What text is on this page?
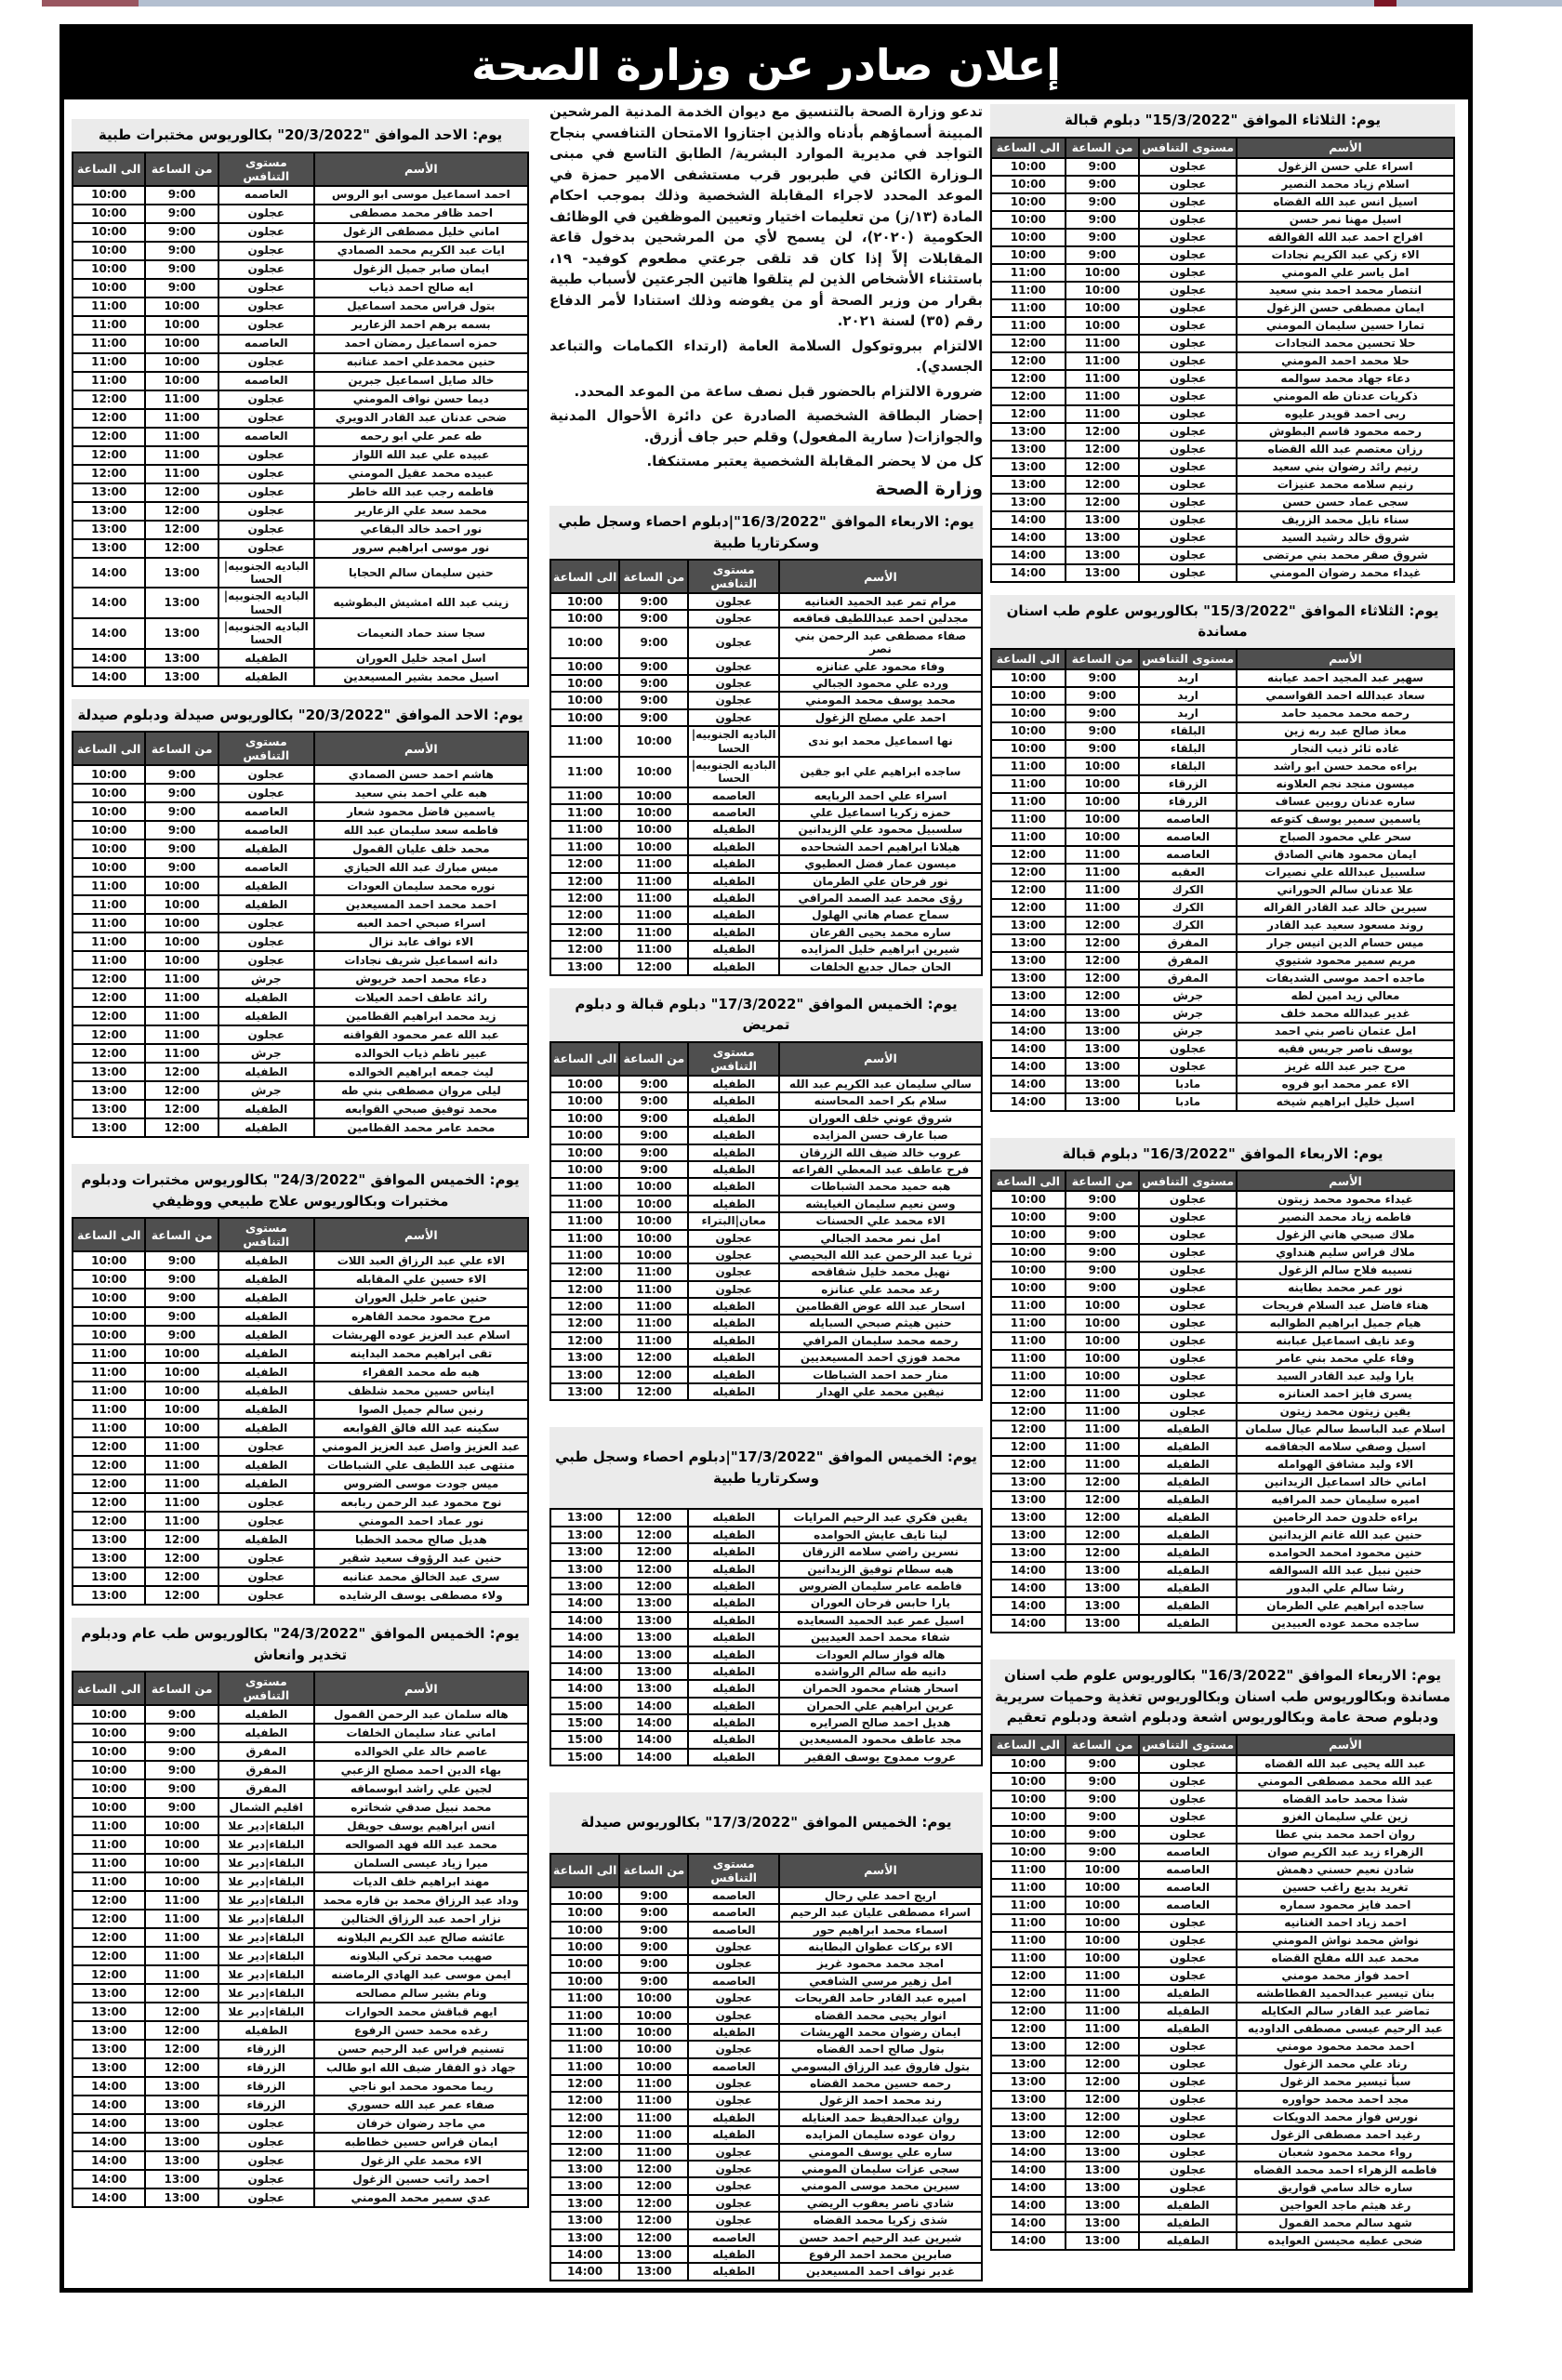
إعلان صادر عن وزارة الصحة
يوم: الاحد الموافق "20/3/2022" بكالوريوس مختبرات طبية
الأسم	مستوى التنافس	من الساعة	الى الساعة
احمد اسماعيل موسى ابو الروس	العاصمه	9:00	10:00
احمد ظافر محمد مصطفى	عجلون	9:00	10:00
اماني خليل مصطفى الزغول	عجلون	9:00	10:00
ايات عبد الكريم محمد الصمادي	عجلون	9:00	10:00
ايمان صابر جميل الزغول	عجلون	9:00	10:00
ايه صالح احمد ذياب	عجلون	9:00	10:00
بتول فراس محمد اسماعيل	عجلون	10:00	11:00
بسمه برهم احمد الزعارير	عجلون	10:00	11:00
حمزه اسماعيل رمضان احمد	العاصمه	10:00	11:00
حنين محمدعلي احمد عنانبه	عجلون	10:00	11:00
خالد صايل اسماعيل جبرين	العاصمه	10:00	11:00
ديما حسن نواف المومني	عجلون	11:00	12:00
ضحى عدنان عبد القادر الدويري	عجلون	11:00	12:00
طه عمر علي ابو رحمه	العاصمه	11:00	12:00
عبيده علي عبد الله اللواز	عجلون	11:00	12:00
عبيده محمد عقيل المومني	عجلون	11:00	12:00
فاطمه رجب عبد الله خاطر	عجلون	12:00	13:00
محمد سعد علي الزعارير	عجلون	12:00	13:00
نور احمد خالد البقاعي	عجلون	12:00	13:00
نور موسى ابراهيم سرور	عجلون	12:00	13:00
حنين سليمان سالم الحجايا	الباديه الجنوبيه|الحسا	13:00	14:00
زينب عبد الله امشيش البطوشيه	الباديه الجنوبيه|الحسا	13:00	14:00
سجا سند حماد النعيمات	الباديه الجنوبيه|الحسا	13:00	14:00
اسل امجد خليل العوران	الطفيله	13:00	14:00
اسيل محمد بشير المسيعدين	الطفيله	13:00	14:00
يوم: الاحد الموافق "20/3/2022" بكالوريوس صيدلة ودبلوم صيدلة
الأسم	مستوى التنافس	من الساعة	الى الساعة
هاشم احمد حسن الصمادي	عجلون	9:00	10:00
هبه علي احمد بني سعيد	عجلون	9:00	10:00
ياسمين فاضل محمود شعار	العاصمه	9:00	10:00
فاطمه سعد سليمان عبد الله	العاصمه	9:00	10:00
محمد خلف عليان القمول	الطفيله	9:00	10:00
ميس مبارك عبد الله الحيازي	العاصمه	9:00	10:00
نوره محمد سليمان العودات	الطفيله	10:00	11:00
احمد محمد احمد المسيعدين	الطفيله	10:00	11:00
اسراء صبحي احمد العبه	عجلون	10:00	11:00
الاء نواف عابد نزال	عجلون	10:00	11:00
دانه اسماعيل شريف نجادات	عجلون	10:00	11:00
دعاء محمد احمد خريوش	جرش	11:00	12:00
رائد عاطف احمد العيلات	الطفيله	11:00	12:00
زيد محمد ابراهيم القطامين	الطفيله	11:00	12:00
عبد الله عمر محمود القواقنه	عجلون	11:00	12:00
عبير ناظم ذياب الخوالده	جرش	11:00	12:00
ليث جمعه ابراهيم الخوالده	الطفيله	12:00	13:00
ليلى مروان مصطفى بني طه	جرش	12:00	13:00
محمد توفيق صبحي القوابعه	الطفيله	12:00	13:00
محمد عامر محمد القطامين	الطفيله	12:00	13:00
يوم: الخميس الموافق "24/3/2022" بكالوريوس مختبرات ودبلوم مختبرات وبكالوريوس علاج طبيعي ووظيفي
الأسم	مستوى التنافس	من الساعة	الى الساعة
الاء علي عبد الرزاق العبد اللات	الطفيله	9:00	10:00
الاء حسين علي المقابله	الطفيله	9:00	10:00
حنين عامر خليل العوران	الطفيله	9:00	10:00
مرح محمود محمد القاهره	الطفيله	9:00	10:00
اسلام عبد العزيز عوده الهريشات	الطفيله	9:00	10:00
تقى ابراهيم محمد البداينه	الطفيله	10:00	11:00
هبه طه محمد الفقراء	الطفيله	10:00	11:00
ايناس حسين محمد شلظف	الطفيله	10:00	11:00
رنين سالم جميل الصوا	الطفيله	10:00	11:00
سكينه عبد الله فالق القوابعه	الطفيله	10:00	11:00
عبد العزيز واصل عبد العزيز المومني	عجلون	11:00	12:00
منتهى عبد اللطيف علي الشباطات	الطفيله	11:00	12:00
ميس جودت موسى الضروس	الطفيله	11:00	12:00
نوح محمود عبد الرحمن ربابعه	عجلون	11:00	12:00
نور عماد احمد المومني	عجلون	11:00	12:00
هديل صالح محمد الخطبا	الطفيله	12:00	13:00
حنين عبد الرؤوف سعيد شقير	عجلون	12:00	13:00
سرى عبد الخالق محمد عنانبه	عجلون	12:00	13:00
ولاء مصطفى يوسف الرشايده	عجلون	12:00	13:00
يوم: الخميس الموافق "24/3/2022" بكالوريوس طب عام ودبلوم تخدير وانعاش
الأسم	مستوى التنافس	من الساعة	الى الساعة
هاله سلمان عبد الرحمن القمول	الطفيله	9:00	10:00
اماني عناد سليمان الخلفات	الطفيله	9:00	10:00
عاصم خالد علي الخوالده	المفرق	9:00	10:00
بهاء الدين احمد مصلح الزعبي	المفرق	9:00	10:00
لجين علي راشد ابوسماقه	المفرق	9:00	10:00
محمد نبيل صدقي شخاتره	اقليم الشمال	9:00	10:00
انس ابراهيم يوسف جويقل	البلقاء|دير علا	10:00	11:00
محمد عبد الله فهد الصوالحه	البلقاء|دير علا	10:00	11:00
ميرا زياد عيسى السلمان	البلقاء|دير علا	10:00	11:00
مهند ابراهيم خلف الديات	البلقاء|دير علا	10:00	11:00
وداد عبد الرزاق محمد بن قاره محمد	البلقاء|دير علا	11:00	12:00
نزار احمد عبد الرزاق الختالين	البلقاء|دير علا	11:00	12:00
عائشه صالح عبد الكريم البلاونه	البلقاء|دير علا	11:00	12:00
صهيب محمد تركي البلاونه	البلقاء|دير علا	11:00	12:00
ايمن موسى عبد الهادي الرماضنه	البلقاء|دير علا	11:00	12:00
ونام بشير سالم مصالحه	البلقاء|دير علا	12:00	13:00
ايهم قباقش محمد الحوارات	البلقاء|دير علا	12:00	13:00
رغده محمد حسن الرفوع	الطفيله	12:00	13:00
تسنيم فراس عبد الرحيم حسن	الزرقاء	12:00	13:00
جهاد ذو الفقار ضيف الله ابو طالب	الزرقاء	12:00	13:00
ريما محمود محمد ابو ناجي	الزرقاء	13:00	14:00
صفاء عمر عبد الله حسوري	الزرقاء	13:00	14:00
مي ماجد رضوان خرفان	عجلون	13:00	14:00
ايمان فراس حسين خطاطبه	عجلون	13:00	14:00
الاء محمد علي الزغول	عجلون	13:00	14:00
احمد راتب حسين الزغول	عجلون	13:00	14:00
عدي سمير محمد المومني	عجلون	13:00	14:00

تدعو وزارة الصحة بالتنسيق مع ديوان الخدمة المدنية المرشحين المبينة أسماؤهم بأدناه والذين اجتازوا الامتحان التنافسي بنجاح التواجد في مديرية الموارد البشرية/ الطابق التاسع في مبنى الـوزارة الكائن في طبربور قرب مستشفى الامير حمزة في الموعد المحدد لاجراء المقابلة الشخصية وذلك بموجب احكام المادة (١٣/ز) من تعليمات اختيار وتعيين الموظفين في الوظائف الحكومية (٢٠٢٠)، لن يسمح لأي من المرشحين بدخول قاعة المقابلات إلاّ إذا كان قد تلقى جرعتي مطعوم كوفيد- ١٩، باستثناء الأشخاص الذين لم يتلقوا هاتين الجرعتين لأسباب طبية بقرار من وزير الصحة أو من يفوضه وذلك استنادا لأمر الدفاع رقم (٣٥) لسنة ٢٠٢١.

الالتزام ببروتوكول السلامة العامة (ارتداء الكمامات والتباعد الجسدي).

ضرورة الالتزام بالحضور قبل نصف ساعة من الموعد المحدد.

إحضار البطاقة الشخصية الصادرة عن دائرة الأحوال المدنية والجوازات( سارية المفعول) وقلم حبر جاف أزرق.

كل من لا يحضر المقابلة الشخصية يعتبر مستنكفا.

وزارة الصحة

يوم: الاربعاء الموافق "16/3/2022"|دبلوم احصاء وسجل طبي وسكرتاريا طبية
الأسم	مستوى التنافس	من الساعة	الى الساعة
مرام تمر عبد الحميد الغنانيه	عجلون	9:00	10:00
مجدلين احمد عبداللطيف قعاقعه	عجلون	9:00	10:00
صفاء مصطفى عبد الرحمن بني نصر	عجلون	9:00	10:00
وفاء محمود علي عنانزه	عجلون	9:00	10:00
ورده علي محمود الجبالي	عجلون	9:00	10:00
محمد يوسف محمد المومني	عجلون	9:00	10:00
احمد علي مصلح الزغول	عجلون	9:00	10:00
نها اسماعيل محمد ابو ندى	الباديه الجنوبيه|الحسا	10:00	11:00
ساجده ابراهيم علي ابو جقين	الباديه الجنوبيه|الحسا	10:00	11:00
اسراء علي احمد الربايعه	العاصمه	10:00	11:00
حمزه زكريا اسماعيل علي	العاصمه	10:00	11:00
سلسبيل محمود علي الزيدانين	الطفيله	10:00	11:00
هيلانا ابراهيم احمد الشحاحده	الطفيله	10:00	11:00
ميسون عمار فضل العطيوي	الطفيله	11:00	12:00
نور فرحان علي الطرمان	الطفيله	11:00	12:00
رؤى محمد عبد الصمد المرافي	الطفيله	11:00	12:00
سماح عصام هاني الهلول	الطفيله	11:00	12:00
ساره محمد يحيى القرعان	الطفيله	11:00	12:00
شيرين ابراهيم خليل المزايده	الطفيله	11:00	12:00
الحان جمال جديع الخلفات	الطفيله	12:00	13:00
يوم: الخميس الموافق "17/3/2022" دبلوم قبالة و دبلوم تمريض
الأسم	مستوى التنافس	من الساعة	الى الساعة
سالي سليمان عبد الكريم عبد الله	الطفيله	9:00	10:00
سلام بكر احمد المحاسنه	الطفيله	9:00	10:00
شروق عوني خلف العوران	الطفيله	9:00	10:00
صبا عارف حسن المزايده	الطفيله	9:00	10:00
عروب خالد ضيف الله الزرقان	الطفيله	9:00	10:00
فرح عاطف عبد المعطي القراعه	الطفيله	9:00	10:00
هبه حميد محمد الشباطات	الطفيله	10:00	11:00
وسن نعيم سليمان الغيايشه	الطفيله	10:00	11:00
الاء محمد علي الحسنات	معان|البتراء	10:00	11:00
امل نمر محمد الجبالي	عجلون	10:00	11:00
ثريا عبد الرحمن عبد الله البحيصي	عجلون	10:00	11:00
نهيل محمد خليل شقاقحه	عجلون	11:00	12:00
رعد محمد علي عنانزه	عجلون	11:00	12:00
اسحار عبد الله عوض القطامين	الطفيله	11:00	12:00
حنين هيثم صبحي السبايله	الطفيله	11:00	12:00
رحمه محمد سليمان المرافي	الطفيله	11:00	12:00
محمد فوزي احمد المسيعديين	الطفيله	12:00	13:00
منار حمد احمد الشباطات	الطفيله	12:00	13:00
نيفين محمد علي الهدار	الطفيله	12:00	13:00
يوم: الخميس الموافق "17/3/2022"|دبلوم احصاء وسجل طبي وسكرتاريا طبية
يقين فكري عبد الرحيم المرايات	الطفيله	12:00	13:00
لينا نايف عايش الحوامده	الطفيله	12:00	13:00
نسرين راضي سلامه الزرقان	الطفيله	12:00	13:00
هبه سطام توفيق الزيدانين	الطفيله	12:00	13:00
فاطمه عامر سليمان الضروس	الطفيله	12:00	13:00
يارا حابس فرحان العوران	الطفيله	13:00	14:00
اسيل عمر عبد الحميد السعايده	الطفيله	13:00	14:00
شفاء محمد احمد العيديين	الطفيله	13:00	14:00
هاله فواز سالم العودات	الطفيله	13:00	14:00
دانيه طه سالم الرواشده	الطفيله	13:00	14:00
اسحار هشام محمود الحمران	الطفيله	13:00	14:00
عرين ابراهيم علي الحمران	الطفيله	14:00	15:00
هديل احمد صالح الصرايره	الطفيله	14:00	15:00
مجد عاطف محمود المسيعدين	الطفيله	14:00	15:00
عروب ممدوح يوسف الفقير	الطفيله	14:00	15:00
يوم: الخميس الموافق "17/3/2022" بكالوريوس صيدلة
الأسم	مستوى التنافس	من الساعة	الى الساعة
اريج احمد علي رحال	العاصمه	9:00	10:00
اسراء مصطفى عليان عبد الرحيم	العاصمه	9:00	10:00
اسماء محمد ابراهيم حور	العاصمه	9:00	10:00
الاء بركات عطوان البطاينه	عجلون	9:00	10:00
امجد محمد محمود غريز	عجلون	9:00	10:00
امل زهير مرسي الشافعي	العاصمه	9:00	10:00
اميره عبد القادر حامد الفريحات	عجلون	10:00	11:00
انوار يحيى محمد القضاه	عجلون	10:00	11:00
ايمان رضوان محمد الهريشات	الطفيله	10:00	11:00
بتول صالح احمد القضاه	عجلون	10:00	11:00
بتول فاروق عبد الرزاق البسومي	العاصمه	10:00	11:00
رحمه حسين محمد القضاه	عجلون	11:00	12:00
رند محمد احمد الزغول	عجلون	11:00	12:00
روان عبدالحفيظ حمد العنايله	الطفيله	11:00	12:00
روان عوده سليمان المزايده	الطفيله	11:00	12:00
ساره علي يوسف المومني	عجلون	11:00	12:00
سجى عزات سليمان المومني	عجلون	12:00	13:00
سيرين محمد موسى المومني	عجلون	12:00	13:00
شادي ناصر يعقوب الريضي	عجلون	12:00	13:00
شذى زكريا محمد القضاه	عجلون	12:00	13:00
شيرين عبد الرحيم احمد حسن	العاصمه	12:00	13:00
صابرين محمد احمد الرفوع	الطفيله	13:00	14:00
غدير نواف احمد المسيعدين	الطفيله	13:00	14:00
يوم: الثلاثاء الموافق "15/3/2022" دبلوم قبالة
الأسم	مستوى التنافس	من الساعة	الى الساعة
اسراء علي حسن الزغول	عجلون	9:00	10:00
اسلام زياد محمد النصير	عجلون	9:00	10:00
اسيل انس عبد الله القضاه	عجلون	9:00	10:00
اسيل مهنا نمر حسن	عجلون	9:00	10:00
افراح احمد عبد الله القوالقه	عجلون	9:00	10:00
الاء زكي عبد الكريم نجادات	عجلون	9:00	10:00
امل ياسر علي المومني	عجلون	10:00	11:00
انتصار محمد احمد بني سعيد	عجلون	10:00	11:00
ايمان مصطفى حسن الزغول	عجلون	10:00	11:00
تمارا حسين سليمان المومني	عجلون	10:00	11:00
حلا تحسين محمد النجادات	عجلون	11:00	12:00
حلا محمد احمد المومني	عجلون	11:00	12:00
دعاء جهاد محمد سوالمه	عجلون	11:00	12:00
ذكريات عدنان طه المومني	عجلون	11:00	12:00
ربى احمد قويدر عليوه	عجلون	11:00	12:00
رحمه محمود قاسم البطوش	عجلون	12:00	13:00
رزان معتصم عبد الله القضاه	عجلون	12:00	13:00
رنيم رائد رضوان بني سعيد	عجلون	12:00	13:00
رنيم سلامه محمد عنيزات	عجلون	12:00	13:00
سجى عماد حسن حسن	عجلون	12:00	13:00
سناء نايل محمد الزريف	عجلون	13:00	14:00
شروق خالد رشيد السيد	عجلون	13:00	14:00
شروق صقر محمد بني مرتضى	عجلون	13:00	14:00
غيداء محمد رضوان المومني	عجلون	13:00	14:00
يوم: الثلاثاء الموافق "15/3/2022" بكالوريوس علوم طب اسنان مساندة
الأسم	مستوى التنافس	من الساعة	الى الساعة
سهير عبد المجيد احمد عيابنه	اربد	9:00	10:00
سعاد عبدالله احمد القواسمي	اربد	9:00	10:00
رحمه محمد محميد حامد	اربد	9:00	10:00
معاذ صالح عبد ربه زين	البلقاء	9:00	10:00
غاده ثائر ذيب النجار	البلقاء	9:00	10:00
براءه محمد حسن ابو راشد	البلقاء	10:00	11:00
ميسون منجد نجم العلاونه	الزرقاء	10:00	11:00
ساره عدنان روبين عساف	الزرقاء	10:00	11:00
ياسمين سمير يوسف كتوعه	العاصمه	10:00	11:00
سحر علي محمود الصباح	العاصمه	10:00	11:00
ايمان محمود هاني الصادق	العاصمه	11:00	12:00
سلسبيل عبدالله علي نصيرات	العقبه	11:00	12:00
علا عدنان سالم الحوراني	الكرك	11:00	12:00
سيرين خالد عبد القادر القراله	الكرك	11:00	12:00
روند مسعود سعيد عبد القادر	الكرك	12:00	13:00
ميس حسام الدين انيس جرار	المفرق	12:00	13:00
مريم سمير محمود شتيوي	المفرق	12:00	13:00
ماجده احمد موسى الشديفات	المفرق	12:00	13:00
معالي زيد امين لطه	جرش	12:00	13:00
غدير عبدالله محمد خلف	جرش	13:00	14:00
امل عثمان ناصر بني احمد	جرش	13:00	14:00
يوسف ناصر جريس فقيه	عجلون	13:00	14:00
مرح جبر عبد الله غريز	عجلون	13:00	14:00
الاء عمر محمد ابو فروه	مادبا	13:00	14:00
اسيل خليل ابراهيم شيخه	مادبا	13:00	14:00
يوم: الاربعاء الموافق "16/3/2022" دبلوم قبالة
الأسم	مستوى التنافس	من الساعة	الى الساعة
غيداء محمود محمد زيتون	عجلون	9:00	10:00
فاطمه زياد محمد النصير	عجلون	9:00	10:00
ملاك صبحي هاني الزغول	عجلون	9:00	10:00
ملاك فراس سليم هنداوي	عجلون	9:00	10:00
نسيبه فلاح سالم الزغول	عجلون	9:00	10:00
نور عمر محمد بطاينه	عجلون	9:00	10:00
هناء فاضل عبد السلام فريحات	عجلون	10:00	11:00
هيام جميل ابراهيم الطوالبه	عجلون	10:00	11:00
وعد نايف اسماعيل عبابنه	عجلون	10:00	11:00
وفاء علي محمد بني عامر	عجلون	10:00	11:00
يارا وليد عبد القادر السيد	عجلون	10:00	11:00
يسرى فايز احمد العنانزه	عجلون	11:00	12:00
يقين زيتون محمد زيتون	عجلون	11:00	12:00
اسلام عبد الباسط سالم عيال سلمان	الطفيله	11:00	12:00
اسيل وصفي سلامه الجفاقمه	الطفيله	11:00	12:00
الاء وليد مشافق الهوامله	الطفيله	11:00	12:00
اماني خالد اسماعيل الزيدانين	الطفيله	12:00	13:00
اميره سليمان حمد المرافيه	الطفيله	12:00	13:00
براءه خلدون حمد الرخامين	الطفيله	12:00	13:00
حنين عبد الله غانم الزيدانين	الطفيله	12:00	13:00
حنين محمود امحمد الحوامده	الطفيله	12:00	13:00
حنين نبيل عبد الله السوالقه	الطفيله	13:00	14:00
رشا سالم علي البدور	الطفيله	13:00	14:00
ساجده ابراهيم علي الطرمان	الطفيله	13:00	14:00
ساجده محمد عوده العبيدين	الطفيله	13:00	14:00
يوم: الاربعاء الموافق "16/3/2022" بكالوريوس علوم طب اسنان مساندة وبكالوريوس طب اسنان وبكالوريوس تغذية وحميات سريرية ودبلوم صحة عامة وبكالوريوس اشعة ودبلوم اشعة ودبلوم تعقيم
الأسم	مستوى التنافس	من الساعة	الى الساعة
عبد الله يحيى عبد الله القضاه	عجلون	9:00	10:00
عبد الله محمد مصطفى المومني	عجلون	9:00	10:00
شذا محمد حامد القضاه	عجلون	9:00	10:00
زين علي سليمان الغزو	عجلون	9:00	10:00
روان احمد محمد بني عطا	عجلون	9:00	10:00
الزهراء زيد عبد الكريم صوان	العاصمه	9:00	10:00
شادن نعيم حسني دهمش	العاصمه	10:00	11:00
تغريد بديع راغب حسين	العاصمه	10:00	11:00
احمد فايز محمود سماره	العاصمه	10:00	11:00
احمد زياد احمد الغنانيه	عجلون	10:00	11:00
نواش محمد نواش المومني	عجلون	10:00	11:00
محمد عبد الله مفلح القضاه	عجلون	10:00	11:00
احمد فواز محمد مومني	عجلون	11:00	12:00
بنان تيسير عبدالحميد القطاطشه	الطفيله	11:00	12:00
تماضر عبد القادر سالم العكايله	الطفيله	11:00	12:00
عبد الرحيم عيسى مصطفى الداوديه	الطفيله	11:00	12:00
احمد محمد محمود مومني	عجلون	12:00	13:00
رناد علي محمد الزغول	عجلون	12:00	13:00
سبأ تيسير محمد الزغول	عجلون	12:00	13:00
مجد احمد محمد حواوره	عجلون	12:00	13:00
نورس فواز محمد الدويكات	عجلون	12:00	13:00
رغيد احمد مصطفى الزغول	عجلون	12:00	13:00
رواء محمد محمود شعبان	عجلون	13:00	14:00
فاطمه الزهراء احمد محمد القضاه	عجلون	13:00	14:00
ساره خالد سامي قواريق	عجلون	13:00	14:00
رغد هيثم ماجد العواجين	الطفيله	13:00	14:00
شهد سالم محمد القمول	الطفيله	13:00	14:00
ضحى عطيه محيسن العوايده	الطفيله	13:00	14:00
